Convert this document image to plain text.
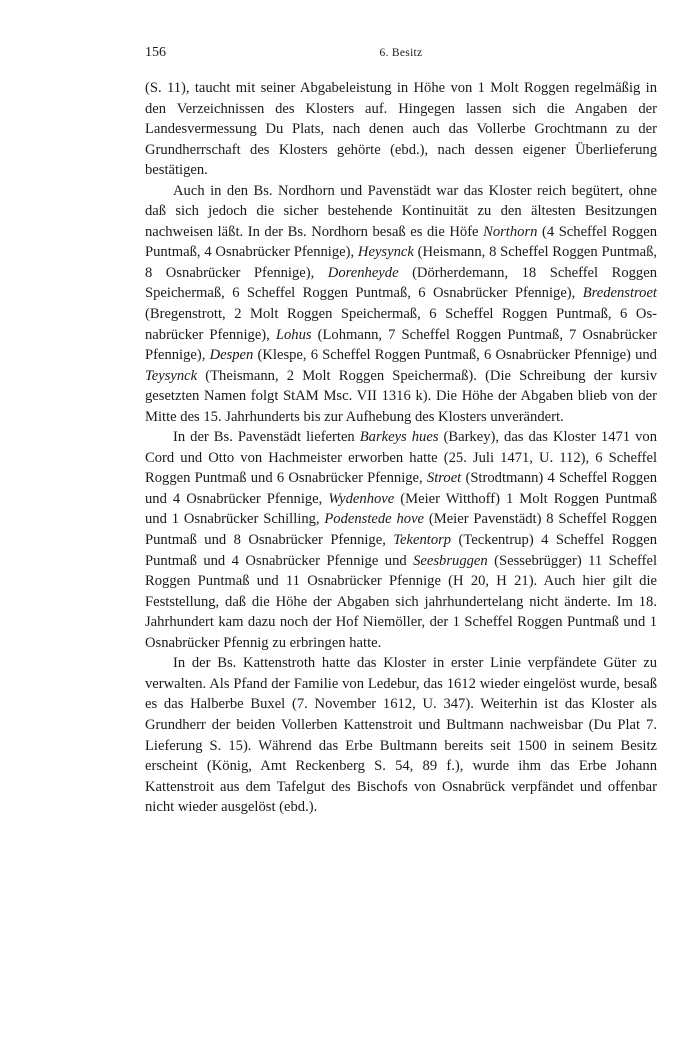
156	6. Besitz

(S. 11), taucht mit seiner Abgabeleistung in Höhe von 1 Molt Roggen regelmäßig in den Verzeichnissen des Klosters auf. Hingegen lassen sich die Angaben der Landesvermessung Du Plats, nach denen auch das Vollerbe Grochtmann zu der Grundherrschaft des Klosters gehörte (ebd.), nach dessen eigener Überlieferung bestätigen.

Auch in den Bs. Nordhorn und Pavenstädt war das Kloster reich begütert, ohne daß sich jedoch die sicher bestehende Kontinuität zu den ältesten Besitzungen nachweisen läßt. In der Bs. Nordhorn besaß es die Höfe Northorn (4 Scheffel Roggen Puntmaß, 4 Osnabrücker Pfennige), Heysynck (Heismann, 8 Scheffel Roggen Puntmaß, 8 Osnabrücker Pfennige), Dorenheyde (Dörherdemann, 18 Scheffel Roggen Speichermaß, 6 Scheffel Roggen Puntmaß, 6 Osnabrücker Pfennige), Bredenstroet (Bregenstrott, 2 Molt Roggen Speichermaß, 6 Scheffel Roggen Puntmaß, 6 Osnabrücker Pfennige), Lohus (Lohmann, 7 Scheffel Roggen Puntmaß, 7 Osnabrücker Pfennige), Despen (Klespe, 6 Scheffel Roggen Puntmaß, 6 Osnabrücker Pfennige) und Teysynck (Theismann, 2 Molt Roggen Speichermaß). (Die Schreibung der kursiv gesetzten Namen folgt StAM Msc. VII 1316 k). Die Höhe der Abgaben blieb von der Mitte des 15. Jahrhunderts bis zur Aufhebung des Klosters unverändert.

In der Bs. Pavenstädt lieferten Barkeys hues (Barkey), das das Kloster 1471 von Cord und Otto von Hachmeister erworben hatte (25. Juli 1471, U. 112), 6 Scheffel Roggen Puntmaß und 6 Osnabrücker Pfennige, Stroet (Strodtmann) 4 Scheffel Roggen und 4 Osnabrücker Pfennige, Wydenhove (Meier Witthoff) 1 Molt Roggen Puntmaß und 1 Osnabrücker Schilling, Podenstede hove (Meier Pavenstädt) 8 Scheffel Roggen Puntmaß und 8 Osnabrücker Pfennige, Tekentorp (Teckentrup) 4 Scheffel Roggen Puntmaß und 4 Osnabrücker Pfennige und Seesbruggen (Sessebrügger) 11 Scheffel Roggen Puntmaß und 11 Osnabrücker Pfennige (H 20, H 21). Auch hier gilt die Feststellung, daß die Höhe der Abgaben sich jahrhundertelang nicht änderte. Im 18. Jahrhundert kam dazu noch der Hof Niemöller, der 1 Scheffel Roggen Puntmaß und 1 Osnabrücker Pfennig zu erbringen hatte.

In der Bs. Kattenstroth hatte das Kloster in erster Linie verpfändete Güter zu verwalten. Als Pfand der Familie von Ledebur, das 1612 wieder eingelöst wurde, besaß es das Halberbe Buxel (7. November 1612, U. 347). Weiterhin ist das Kloster als Grundherr der beiden Vollerben Kattenstroit und Bultmann nachweisbar (Du Plat 7. Lieferung S. 15). Während das Erbe Bultmann bereits seit 1500 in seinem Besitz erscheint (König, Amt Reckenberg S. 54, 89 f.), wurde ihm das Erbe Johann Kattenstroit aus dem Tafelgut des Bischofs von Osnabrück verpfändet und offenbar nicht wieder ausgelöst (ebd.).
